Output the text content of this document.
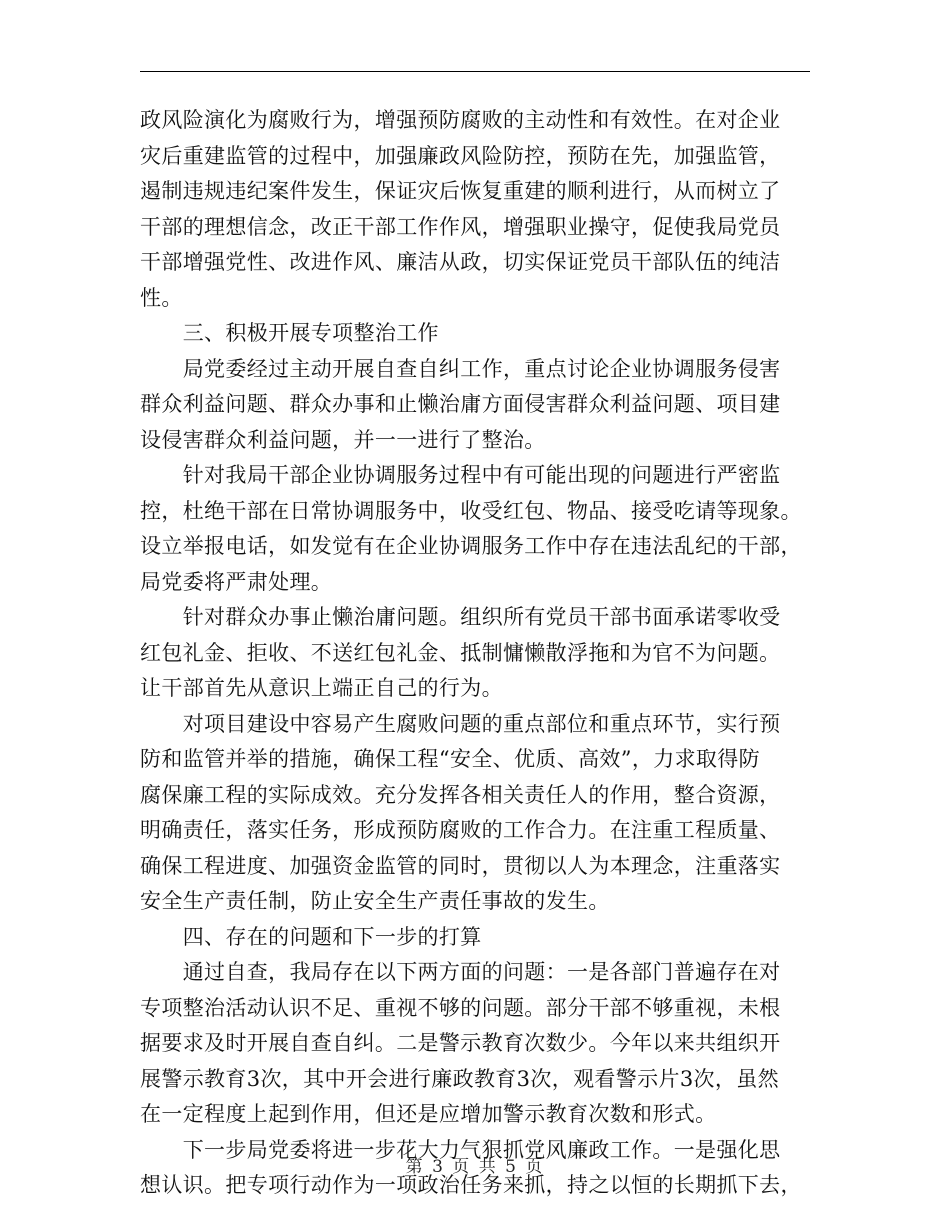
政风险演化为腐败行为，增强预防腐败的主动性和有效性。在对企业
灾后重建监管的过程中，加强廉政风险防控，预防在先，加强监管，
遏制违规违纪案件发生，保证灾后恢复重建的顺利进行，从而树立了
干部的理想信念，改正干部工作作风，增强职业操守，促使我局党员
干部增强党性、改进作风、廉洁从政，切实保证党员干部队伍的纯洁
性。
　　三、积极开展专项整治工作
　　局党委经过主动开展自查自纠工作，重点讨论企业协调服务侵害
群众利益问题、群众办事和止懒治庸方面侵害群众利益问题、项目建
设侵害群众利益问题，并一一进行了整治。
　　针对我局干部企业协调服务过程中有可能出现的问题进行严密监
控，杜绝干部在日常协调服务中，收受红包、物品、接受吃请等现象。
设立举报电话，如发觉有在企业协调服务工作中存在违法乱纪的干部，
局党委将严肃处理。
　　针对群众办事止懒治庸问题。组织所有党员干部书面承诺零收受
红包礼金、拒收、不送红包礼金、抵制慵懒散浮拖和为官不为问题。
让干部首先从意识上端正自己的行为。
　　对项目建设中容易产生腐败问题的重点部位和重点环节，实行预
防和监管并举的措施，确保工程“安全、优质、高效”，力求取得防
腐保廉工程的实际成效。充分发挥各相关责任人的作用，整合资源，
明确责任，落实任务，形成预防腐败的工作合力。在注重工程质量、
确保工程进度、加强资金监管的同时，贯彻以人为本理念，注重落实
安全生产责任制，防止安全生产责任事故的发生。
　　四、存在的问题和下一步的打算
　　通过自查，我局存在以下两方面的问题：一是各部门普遍存在对
专项整治活动认识不足、重视不够的问题。部分干部不够重视，未根
据要求及时开展自查自纠。二是警示教育次数少。今年以来共组织开
展警示教育3次，其中开会进行廉政教育3次，观看警示片3次，虽然
在一定程度上起到作用，但还是应增加警示教育次数和形式。
　　下一步局党委将进一步花大力气狠抓党风廉政工作。一是强化思
想认识。把专项行动作为一项政治任务来抓，持之以恒的长期抓下去，
第 3 页 共 5 页
